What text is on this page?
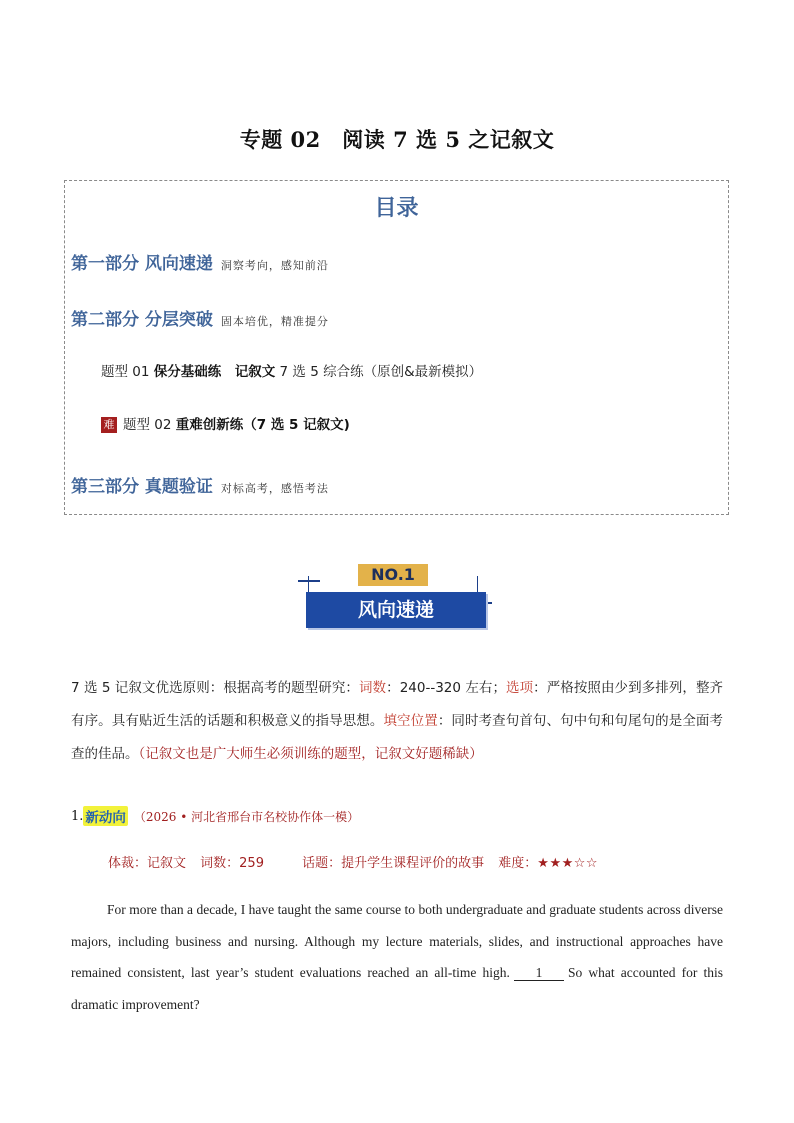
专题 02　阅读 7 选 5 之记叙文
目录
第一部分 风向速递 洞察考向，感知前沿
第二部分 分层突破 固本培优，精准提分
题型 01 保分基础练　 记叙文 7 选 5 综合练（原创&最新模拟）
难 题型 02 重难创新练（7 选 5 记叙文)
第三部分 真题验证 对标高考，感悟考法
NO.1
风向速递
7 选 5 记叙文优选原则：根据高考的题型研究：词数：240--320 左右；选项：严格按照由少到多排列，整齐有序。具有贴近生活的话题和积极意义的指导思想。填空位置：同时考查句首句、句中句和句尾句的是全面考查的佳品。（记叙文也是广大师生必须训练的题型，记叙文好题稀缺）
1. 新动向 （2026 • 河北省邢台市名校协作体一模）
体裁：记叙文 词数：259	话题：提升学生课程评价的故事 难度：★★★☆☆
For more than a decade, I have taught the same course to both undergraduate and graduate students across diverse majors, including business and nursing. Although my lecture materials, slides, and instructional approaches have remained consistent, last year’s student evaluations reached an all-time high. 1 So what accounted for this dramatic improvement?
